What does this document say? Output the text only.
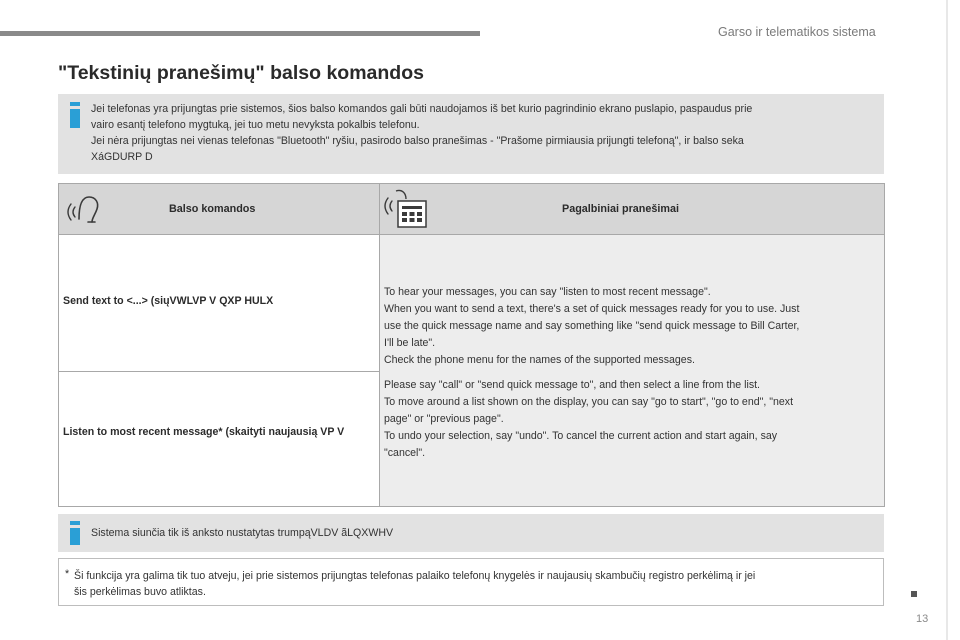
Garso ir telematikos sistema
"Tekstinių pranešimų" balso komandos
Jei telefonas yra prijungtas prie sistemos, šios balso komandos gali būti naudojamos iš bet kurio pagrindinio ekrano puslapio, paspaudus prie
vairo esantį telefono mygtuką, jei tuo metu nevyksta pokalbis telefonu.
Jei nėra prijungtas nei vienas telefonas "Bluetooth" ryšiu, pasirodo balso pranešimas - "Prašome pirmiausia prijungti telefoną", ir balso seka
XáGDURP D
Balso komandos	Pagalbiniai pranešimai
Send text to <...> (siųVWLVP V QXP HULX
Listen to most recent message* (skaityti naujausią VP V
To hear your messages, you can say "listen to most recent message".
When you want to send a text, there's a set of quick messages ready for you to use. Just
use the quick message name and say something like "send quick message to Bill Carter,
I'll be late".
Check the phone menu for the names of the supported messages.
Please say "call" or "send quick message to", and then select a line from the list.
To move around a list shown on the display, you can say "go to start", "go to end", "next
page" or "previous page".
To undo your selection, say "undo". To cancel the current action and start again, say
"cancel".
Sistema siunčia tik iš anksto nustatytas trumpąVLDV ãLQXWHV
* Ši funkcija yra galima tik tuo atveju, jei prie sistemos prijungtas telefonas palaiko telefonų knygelės ir naujausių skambučių registro perkėlimą ir jei
šis perkėlimas buvo atliktas.
13
